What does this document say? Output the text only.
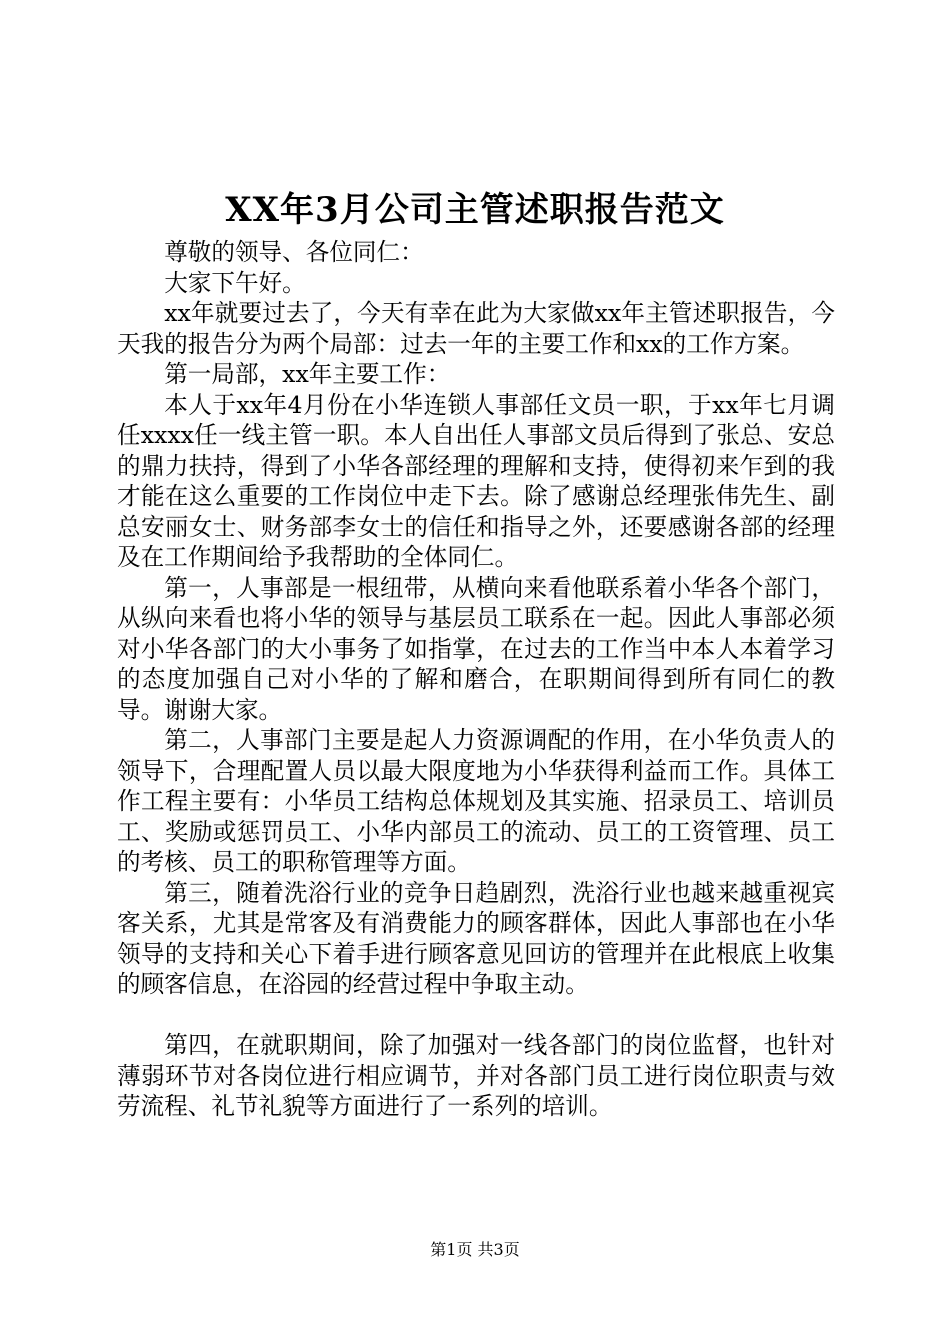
XX年3月公司主管述职报告范文

尊敬的领导、各位同仁：

大家下午好。

xx年就要过去了，今天有幸在此为大家做xx年主管述职报告，今天我的报告分为两个局部：过去一年的主要工作和xx的工作方案。

第一局部，xx年主要工作：

本人于xx年4月份在小华连锁人事部任文员一职，于xx年七月调任xxxx任一线主管一职。本人自出任人事部文员后得到了张总、安总的鼎力扶持，得到了小华各部经理的理解和支持，使得初来乍到的我才能在这么重要的工作岗位中走下去。除了感谢总经理张伟先生、副总安丽女士、财务部李女士的信任和指导之外，还要感谢各部的经理及在工作期间给予我帮助的全体同仁。

第一，人事部是一根纽带，从横向来看他联系着小华各个部门，从纵向来看也将小华的领导与基层员工联系在一起。因此人事部必须对小华各部门的大小事务了如指掌，在过去的工作当中本人本着学习的态度加强自己对小华的了解和磨合，在职期间得到所有同仁的教导。谢谢大家。

第二，人事部门主要是起人力资源调配的作用，在小华负责人的领导下，合理配置人员以最大限度地为小华获得利益而工作。具体工作工程主要有：小华员工结构总体规划及其实施、招录员工、培训员工、奖励或惩罚员工、小华内部员工的流动、员工的工资管理、员工的考核、员工的职称管理等方面。

第三，随着洗浴行业的竞争日趋剧烈，洗浴行业也越来越重视宾客关系，尤其是常客及有消费能力的顾客群体，因此人事部也在小华领导的支持和关心下着手进行顾客意见回访的管理并在此根底上收集的顾客信息，在浴园的经营过程中争取主动。

第四，在就职期间，除了加强对一线各部门的岗位监督，也针对薄弱环节对各岗位进行相应调节，并对各部门员工进行岗位职责与效劳流程、礼节礼貌等方面进行了一系列的培训。

第1页 共3页
